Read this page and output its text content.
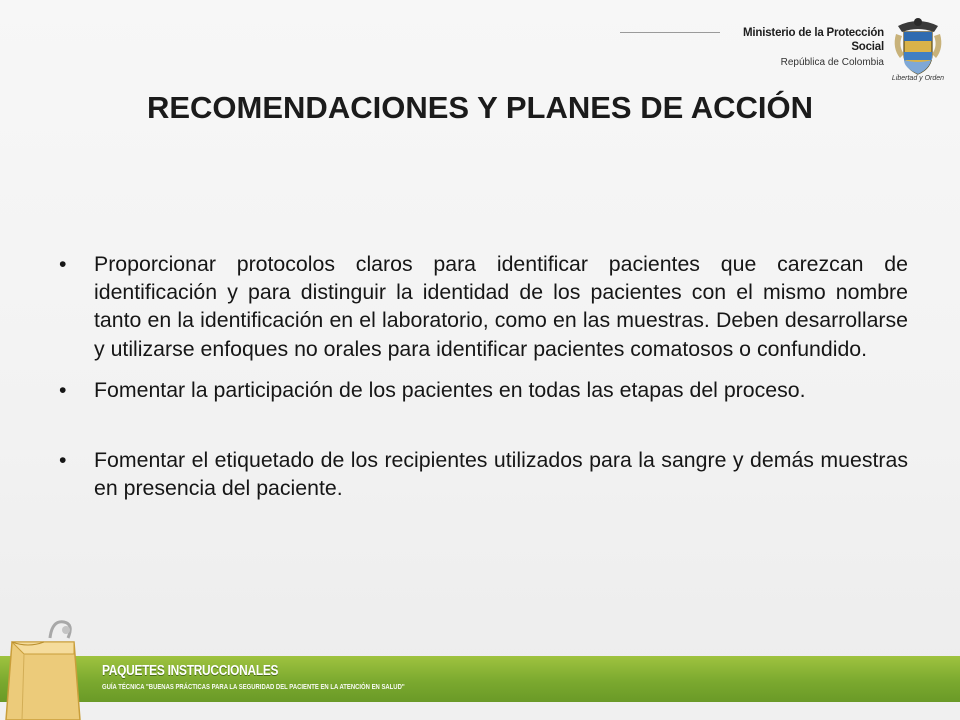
Ministerio de la Protección Social
República de Colombia
Libertad y Orden
RECOMENDACIONES Y PLANES DE ACCIÓN
• Proporcionar protocolos claros para identificar pacientes que carezcan de identificación y para distinguir la identidad de los pacientes con el mismo nombre tanto en la identificación en el laboratorio, como en las muestras. Deben desarrollarse y utilizarse enfoques no orales para identificar pacientes comatosos o confundido.
• Fomentar la participación de los pacientes en todas las etapas del proceso.
• Fomentar el etiquetado de los recipientes utilizados para la sangre y demás muestras en presencia del paciente.
PAQUETES INSTRUCCIONALES
GUÍA TÉCNICA "BUENAS PRÁCTICAS PARA LA SEGURIDAD DEL PACIENTE EN LA ATENCIÓN EN SALUD"
